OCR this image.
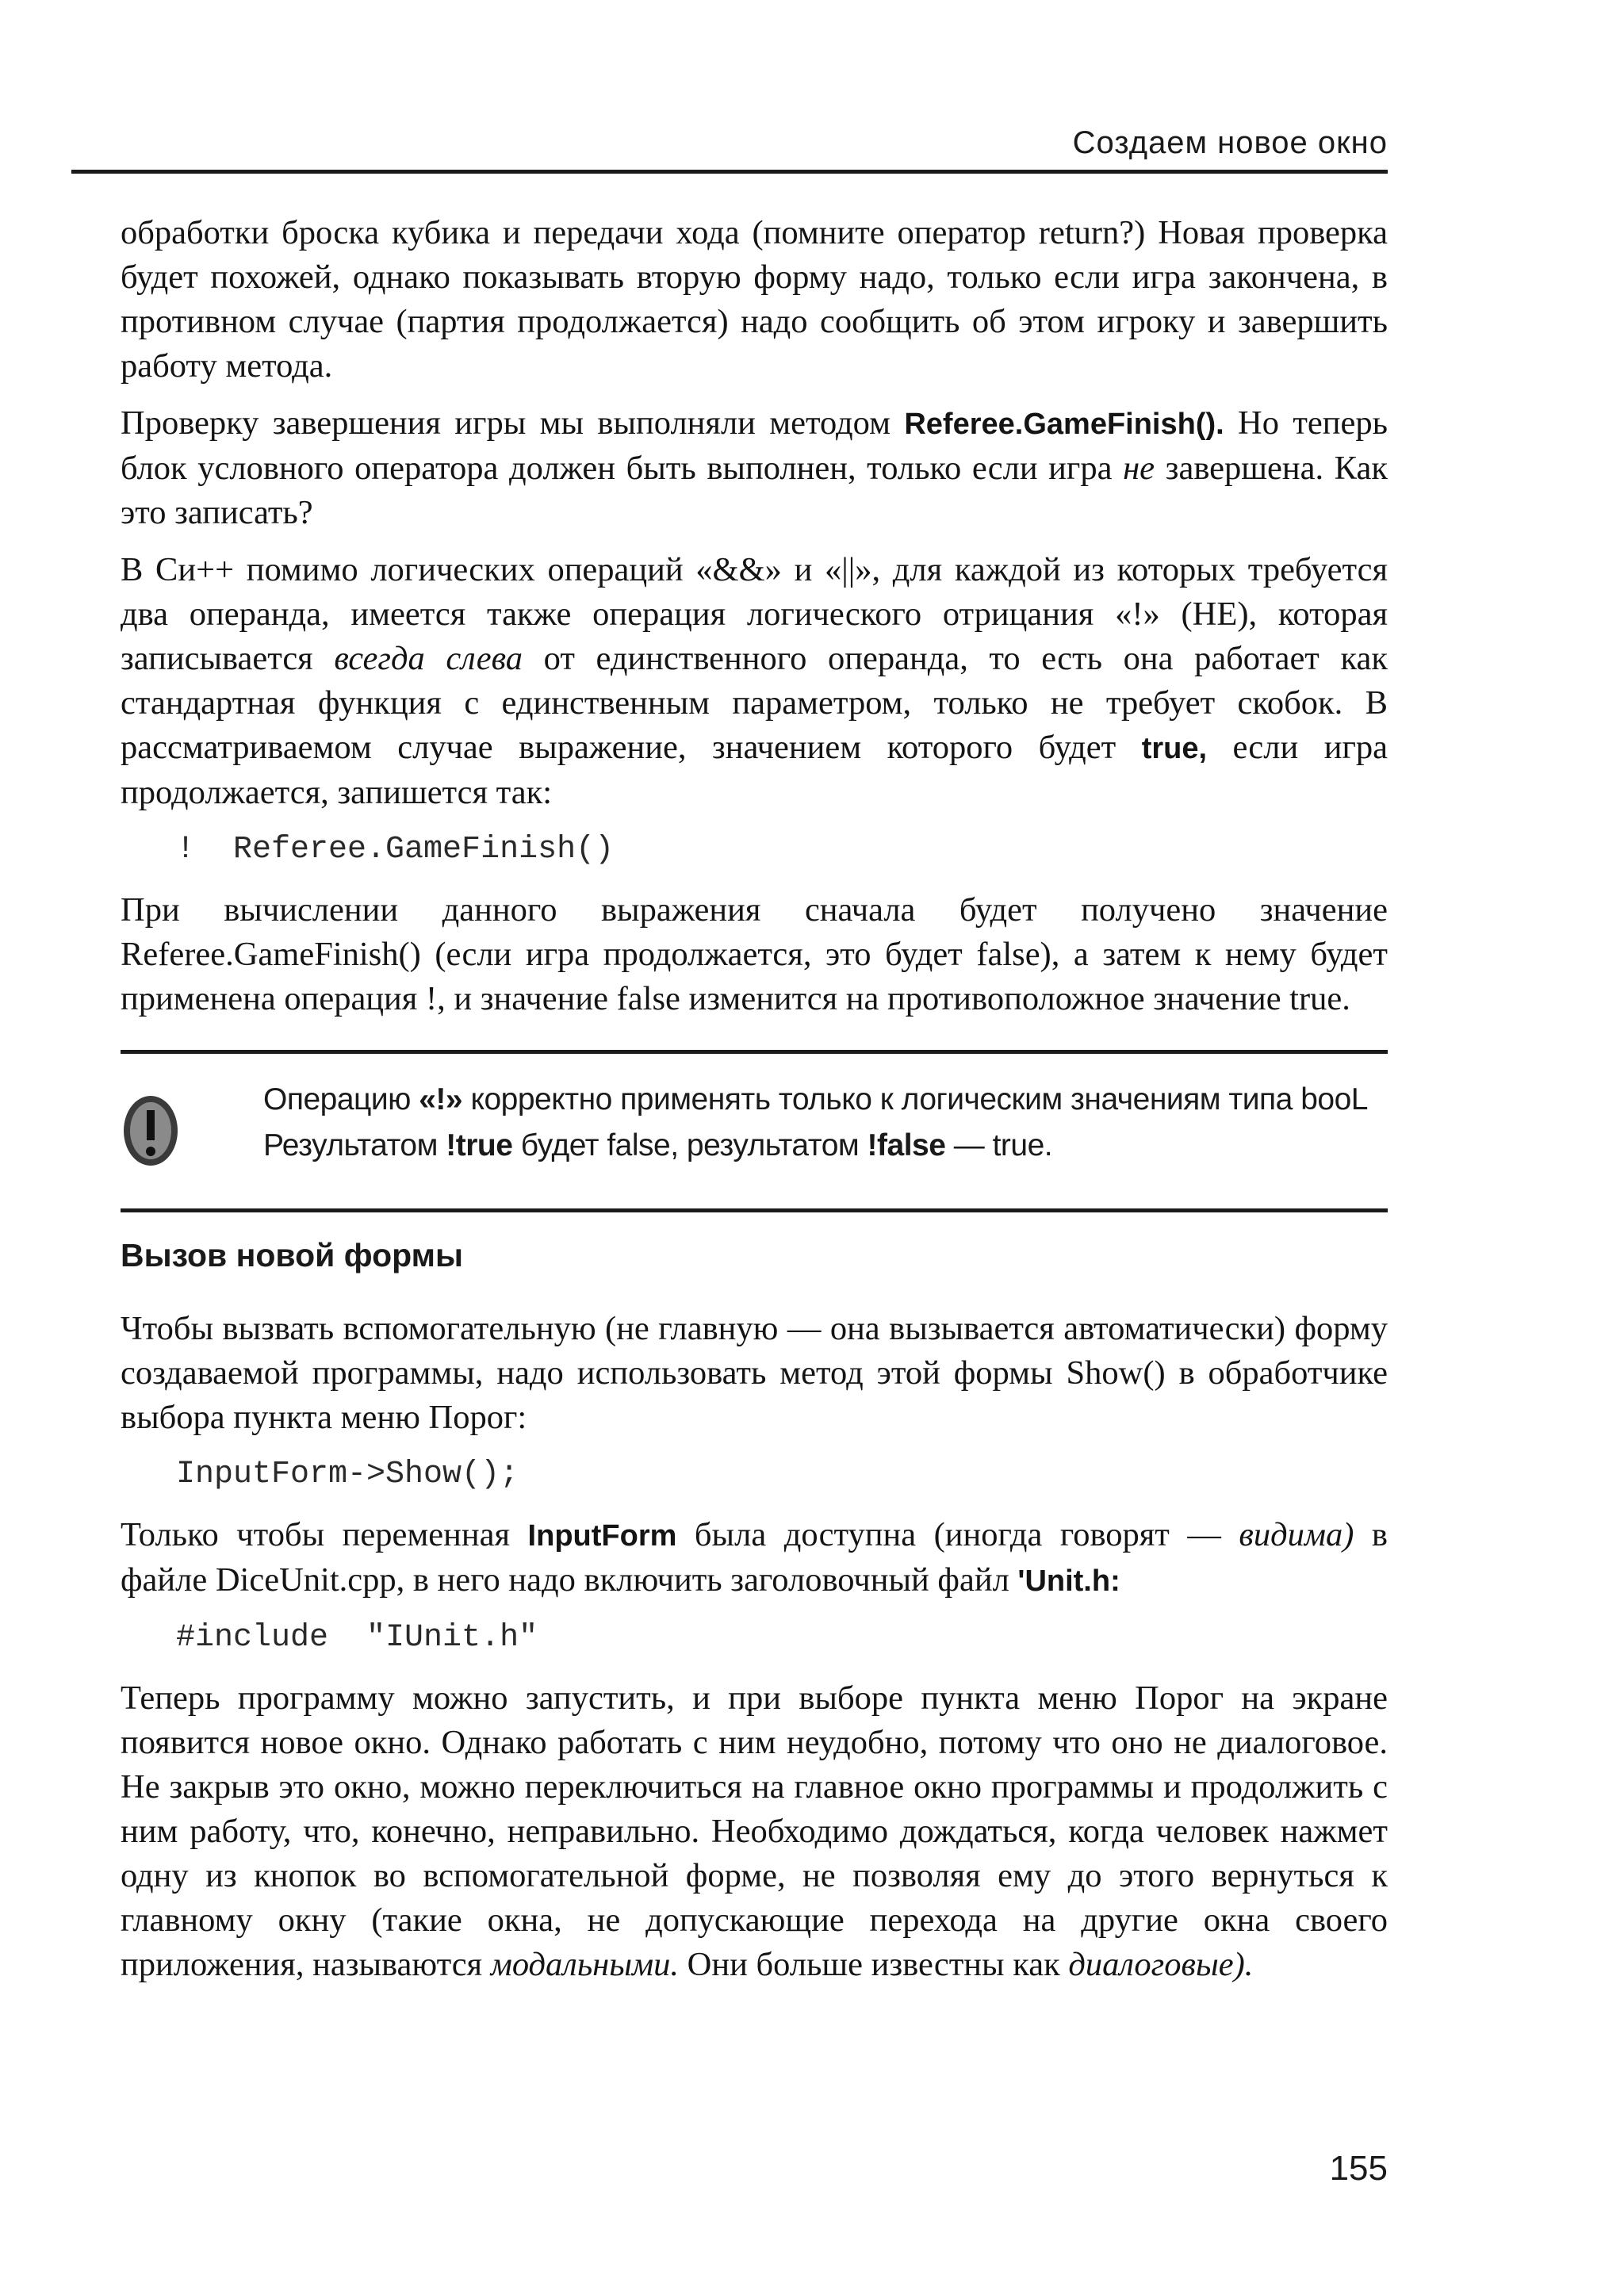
Создаем новое окно

обработки броска кубика и передачи хода (помните оператор return?) Новая проверка будет похожей, однако показывать вторую форму надо, только если игра закончена, в противном случае (партия продолжается) надо сообщить об этом игроку и завершить работу метода.

Проверку завершения игры мы выполняли методом Referee.GameFinish(). Но теперь блок условного оператора должен быть выполнен, только если игра не завершена. Как это записать?

В Си++ помимо логических операций «&&» и «||», для каждой из которых требуется два операнда, имеется также операция логического отрицания «!» (НЕ), которая записывается всегда слева от единственного операнда, то есть она работает как стандартная функция с единственным параметром, только не требует скобок. В рассматриваемом случае выражение, значением которого будет true, если игра продолжается, запишется так:

!  Referee.GameFinish()

При вычислении данного выражения сначала будет получено значение Referee.GameFinish() (если игра продолжается, это будет false), а затем к нему будет применена операция !, и значение false изменится на противоположное значение true.

Операцию «!» корректно применять только к логическим значениям типа booL Результатом !true будет false, результатом !false — true.
Вызов новой формы

Чтобы вызвать вспомогательную (не главную — она вызывается автоматически) форму создаваемой программы, надо использовать метод этой формы Show() в обработчике выбора пункта меню Порог:

InputForm->Show();

Только чтобы переменная InputForm была доступна (иногда говорят — видима) в файле DiceUnit.cpp, в него надо включить заголовочный файл 'Unit.h:

#include  "IUnit.h"

Теперь программу можно запустить, и при выборе пункта меню Порог на экране появится новое окно. Однако работать с ним неудобно, потому что оно не диалоговое. Не закрыв это окно, можно переключиться на главное окно программы и продолжить с ним работу, что, конечно, неправильно. Необходимо дождаться, когда человек нажмет одну из кнопок во вспомогательной форме, не позволяя ему до этого вернуться к главному окну (такие окна, не допускающие перехода на другие окна своего приложения, называются модальными. Они больше известны как диалоговые).

155
